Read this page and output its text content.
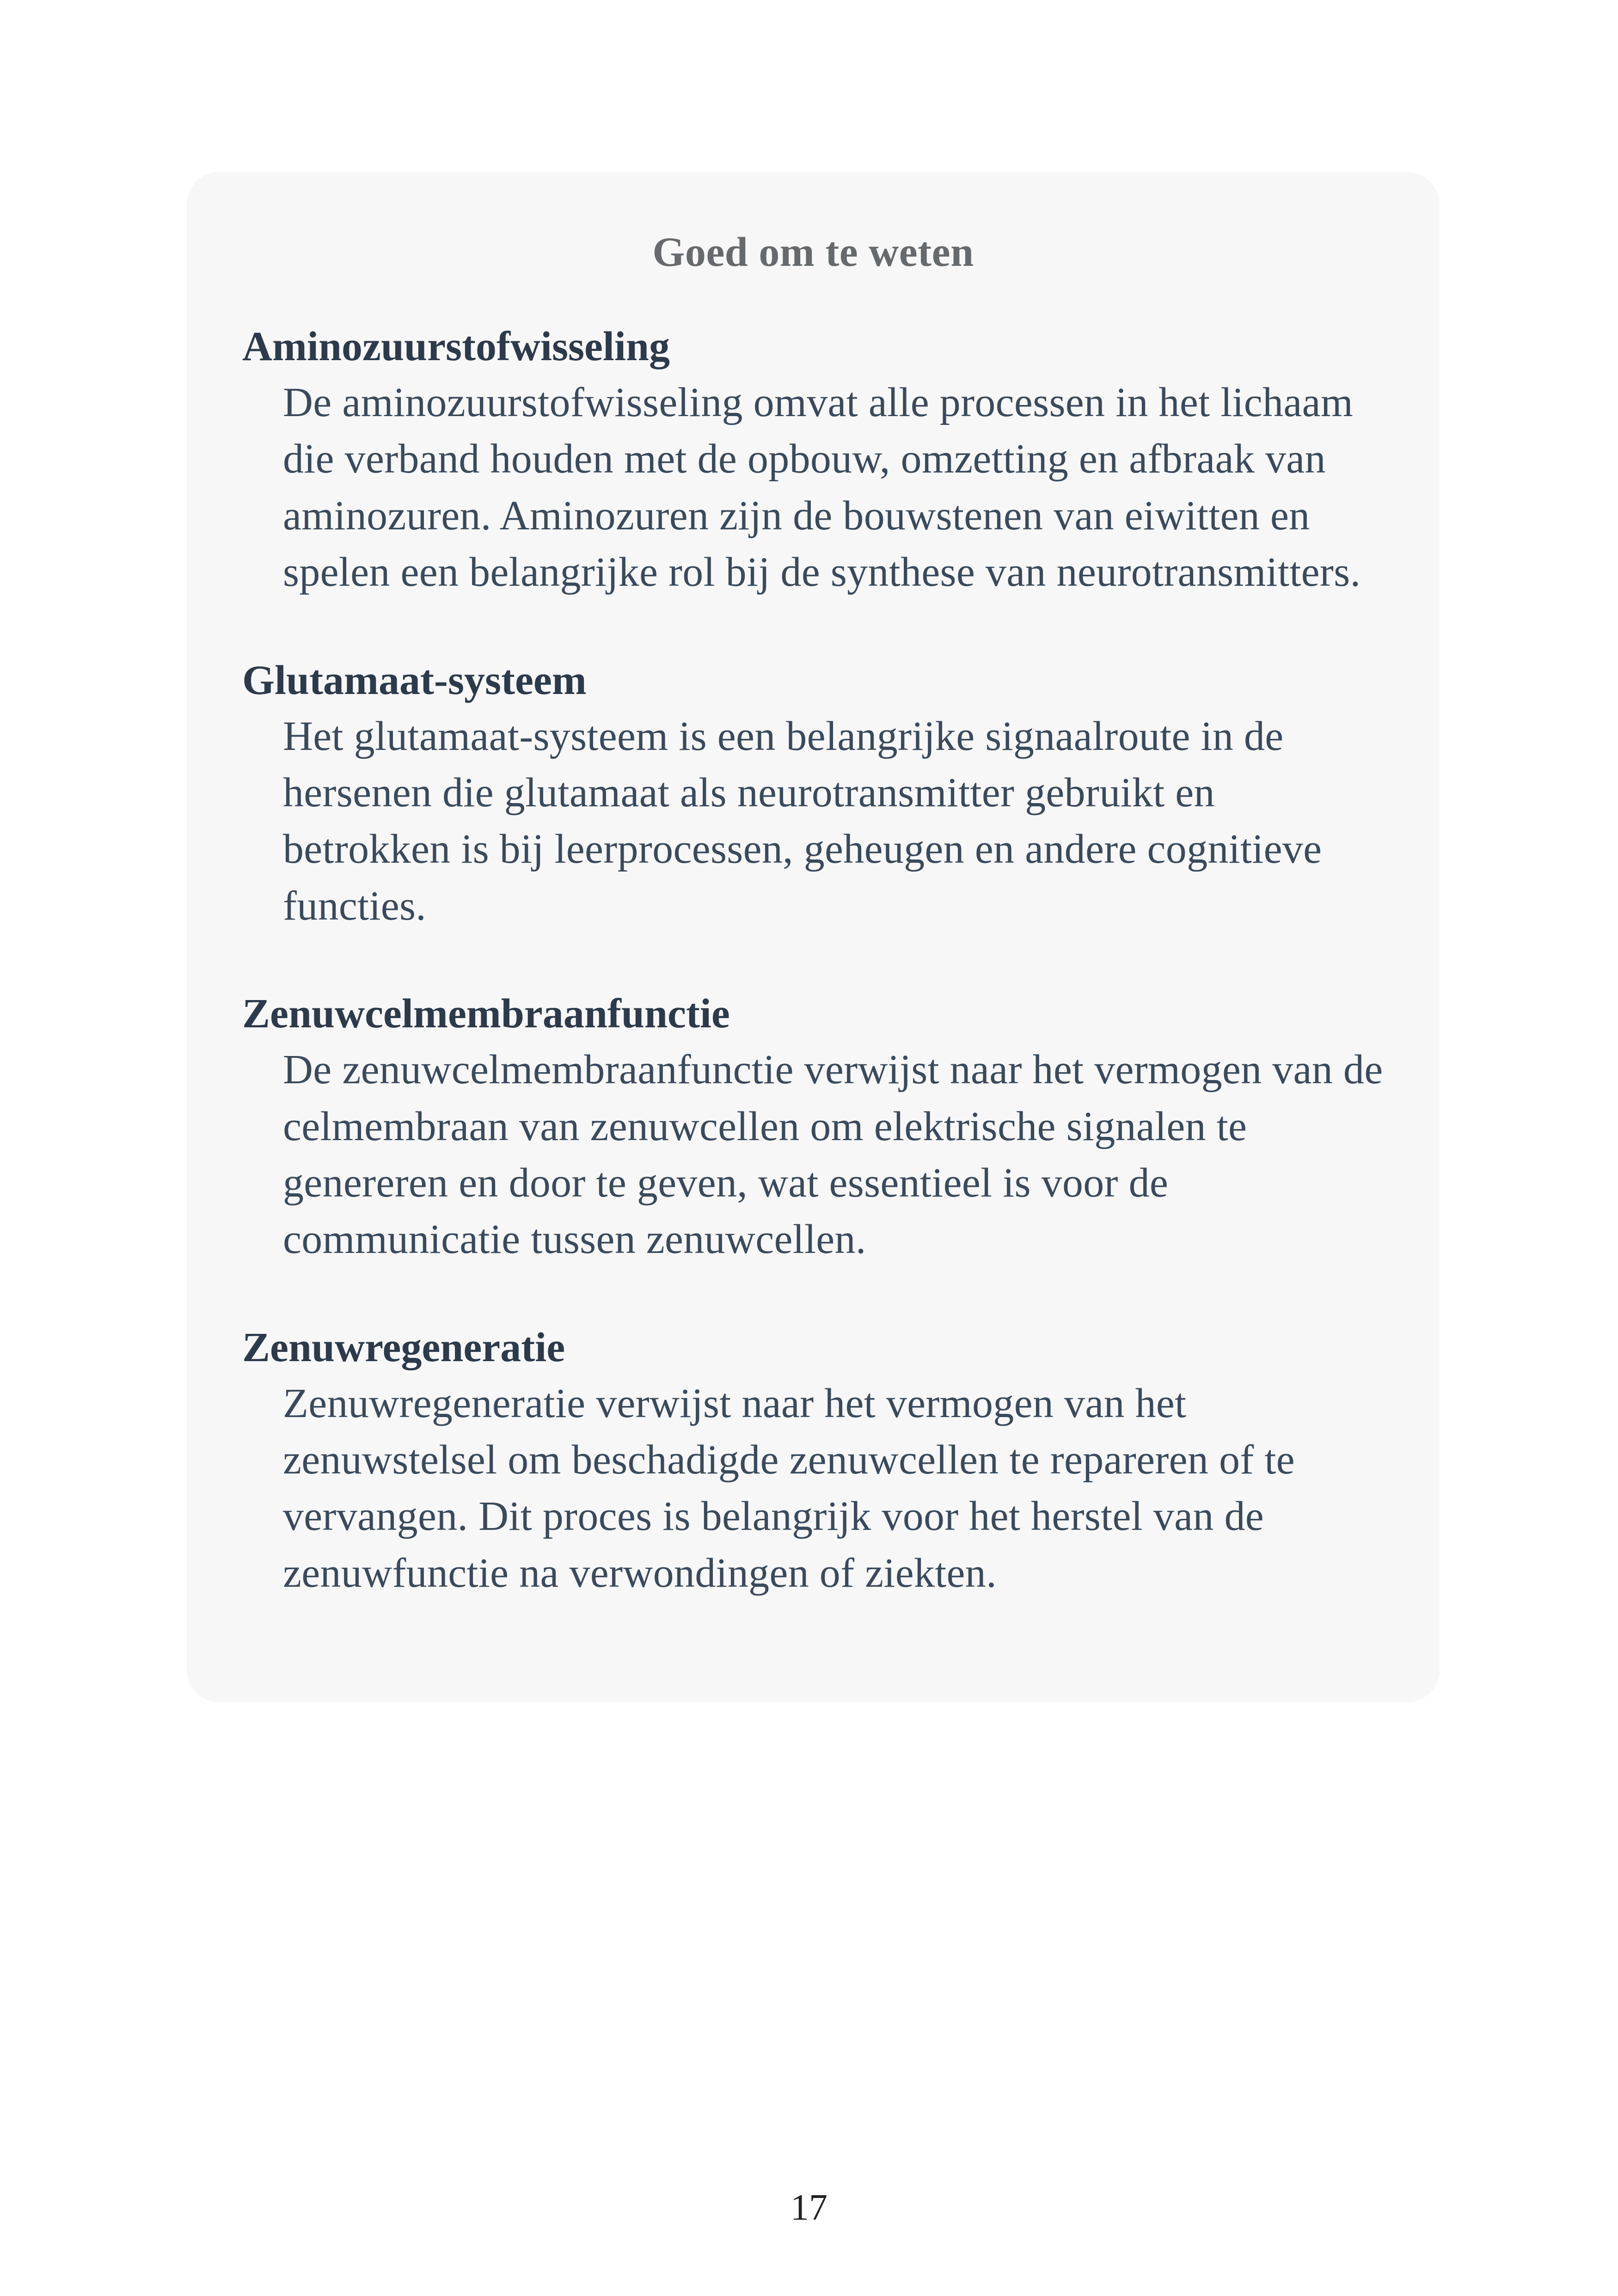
Goed om te weten

Aminozuurstofwisseling

De aminozuurstofwisseling omvat alle processen in het lichaam die verband houden met de opbouw, omzetting en afbraak van aminozuren. Aminozuren zijn de bouwstenen van eiwitten en spelen een belangrijke rol bij de synthese van neurotransmitters.

Glutamaat-systeem

Het glutamaat-systeem is een belangrijke signaalroute in de hersenen die glutamaat als neurotransmitter gebruikt en betrokken is bij leerprocessen, geheugen en andere cognitieve functies.

Zenuwcelmembraanfunctie

De zenuwcelmembraanfunctie verwijst naar het vermogen van de celmembraan van zenuwcellen om elektrische signalen te genereren en door te geven, wat essentieel is voor de communicatie tussen zenuwcellen.

Zenuwregeneratie

Zenuwregeneratie verwijst naar het vermogen van het zenuwstelsel om beschadigde zenuwcellen te repareren of te vervangen. Dit proces is belangrijk voor het herstel van de zenuwfunctie na verwondingen of ziekten.

17
